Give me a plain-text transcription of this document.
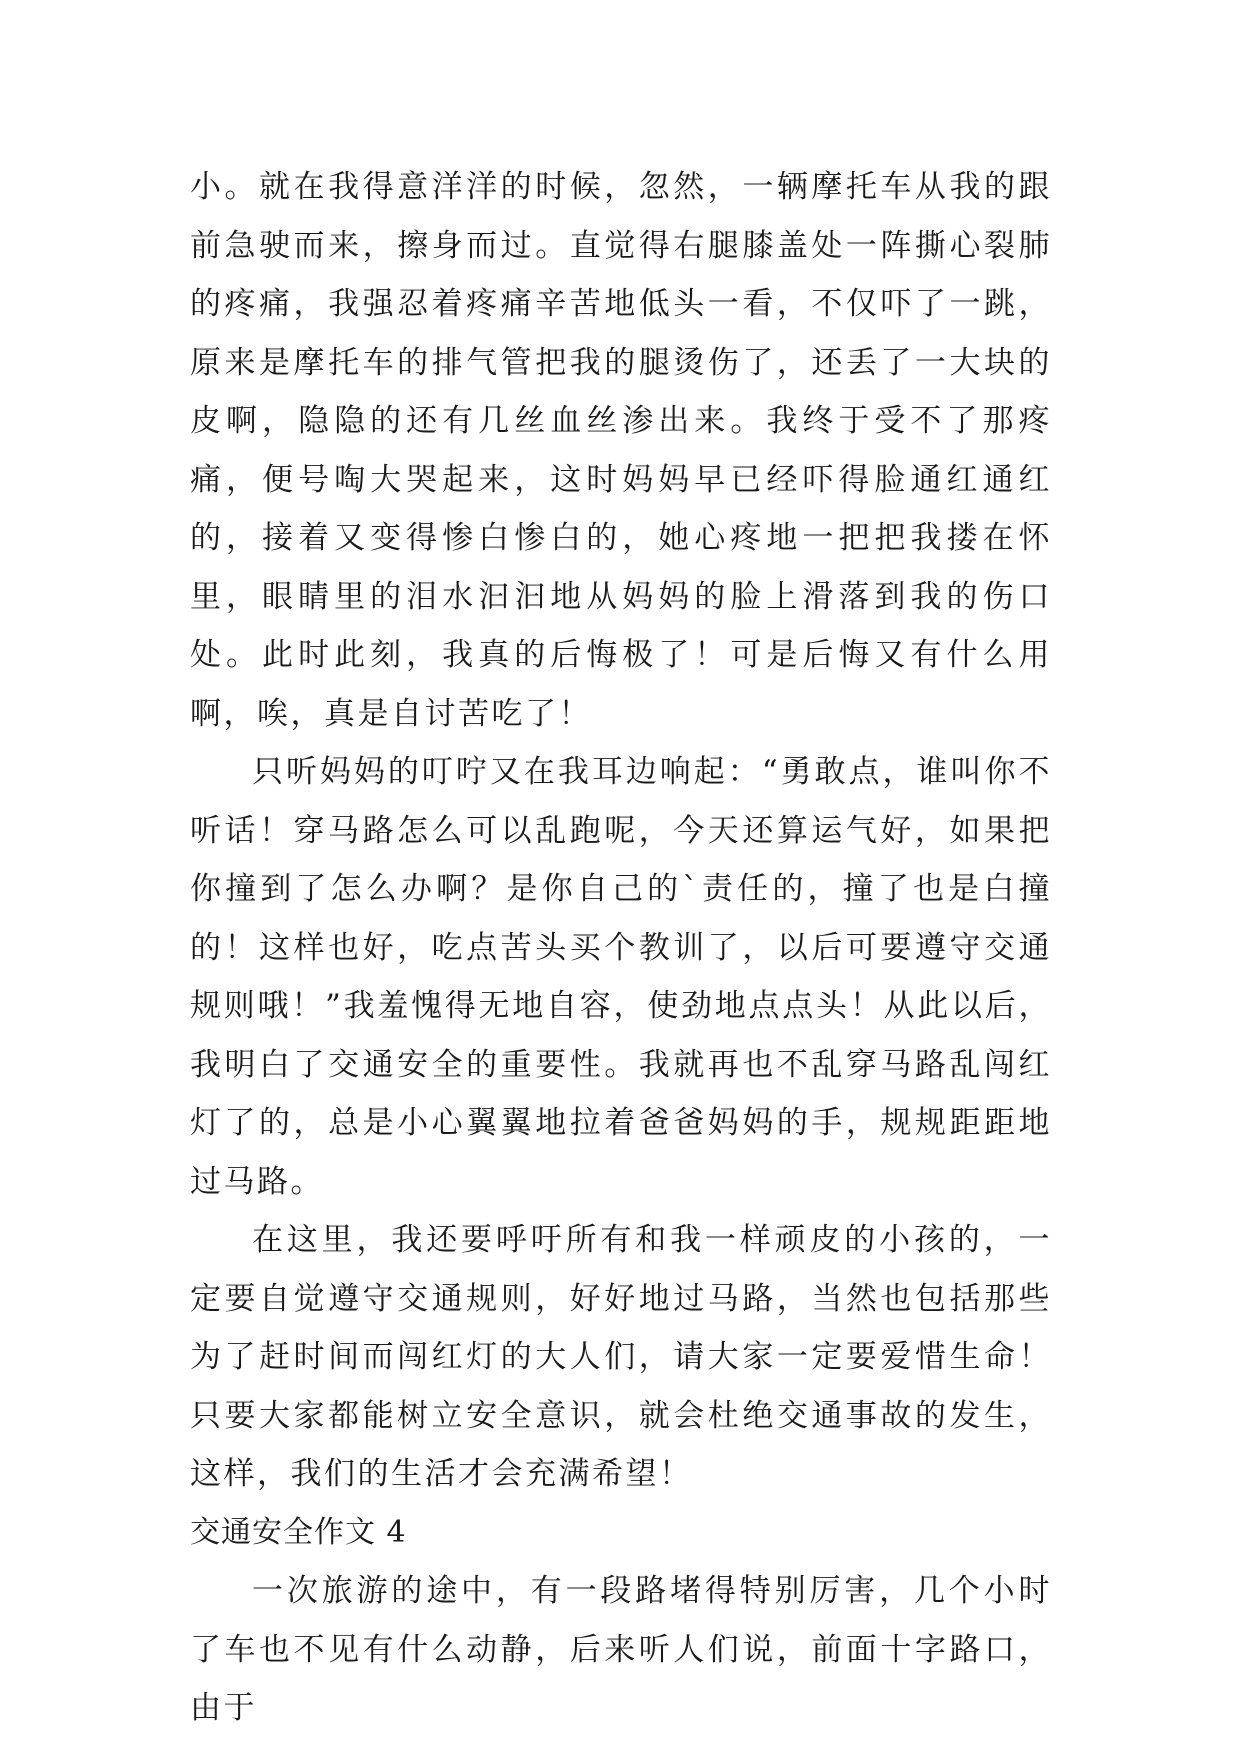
小。就在我得意洋洋的时候，忽然，一辆摩托车从我的跟前急驶而来，擦身而过。直觉得右腿膝盖处一阵撕心裂肺的疼痛，我强忍着疼痛辛苦地低头一看，不仅吓了一跳，原来是摩托车的排气管把我的腿烫伤了，还丢了一大块的皮啊，隐隐的还有几丝血丝渗出来。我终于受不了那疼痛，便号啕大哭起来，这时妈妈早已经吓得脸通红通红的，接着又变得惨白惨白的，她心疼地一把把我搂在怀里，眼睛里的泪水汩汩地从妈妈的脸上滑落到我的伤口处。此时此刻，我真的后悔极了！可是后悔又有什么用啊，唉，真是自讨苦吃了！

只听妈妈的叮咛又在我耳边响起：“勇敢点，谁叫你不听话！穿马路怎么可以乱跑呢，今天还算运气好，如果把你撞到了怎么办啊？是你自己的`责任的，撞了也是白撞的！这样也好，吃点苦头买个教训了，以后可要遵守交通规则哦！”我羞愧得无地自容，使劲地点点头！从此以后，我明白了交通安全的重要性。我就再也不乱穿马路乱闯红灯了的，总是小心翼翼地拉着爸爸妈妈的手，规规距距地过马路。

在这里，我还要呼吁所有和我一样顽皮的小孩的，一定要自觉遵守交通规则，好好地过马路，当然也包括那些为了赶时间而闯红灯的大人们，请大家一定要爱惜生命！只要大家都能树立安全意识，就会杜绝交通事故的发生，这样，我们的生活才会充满希望！

交通安全作文 4

一次旅游的途中，有一段路堵得特别厉害，几个小时了车也不见有什么动静，后来听人们说，前面十字路口，由于
